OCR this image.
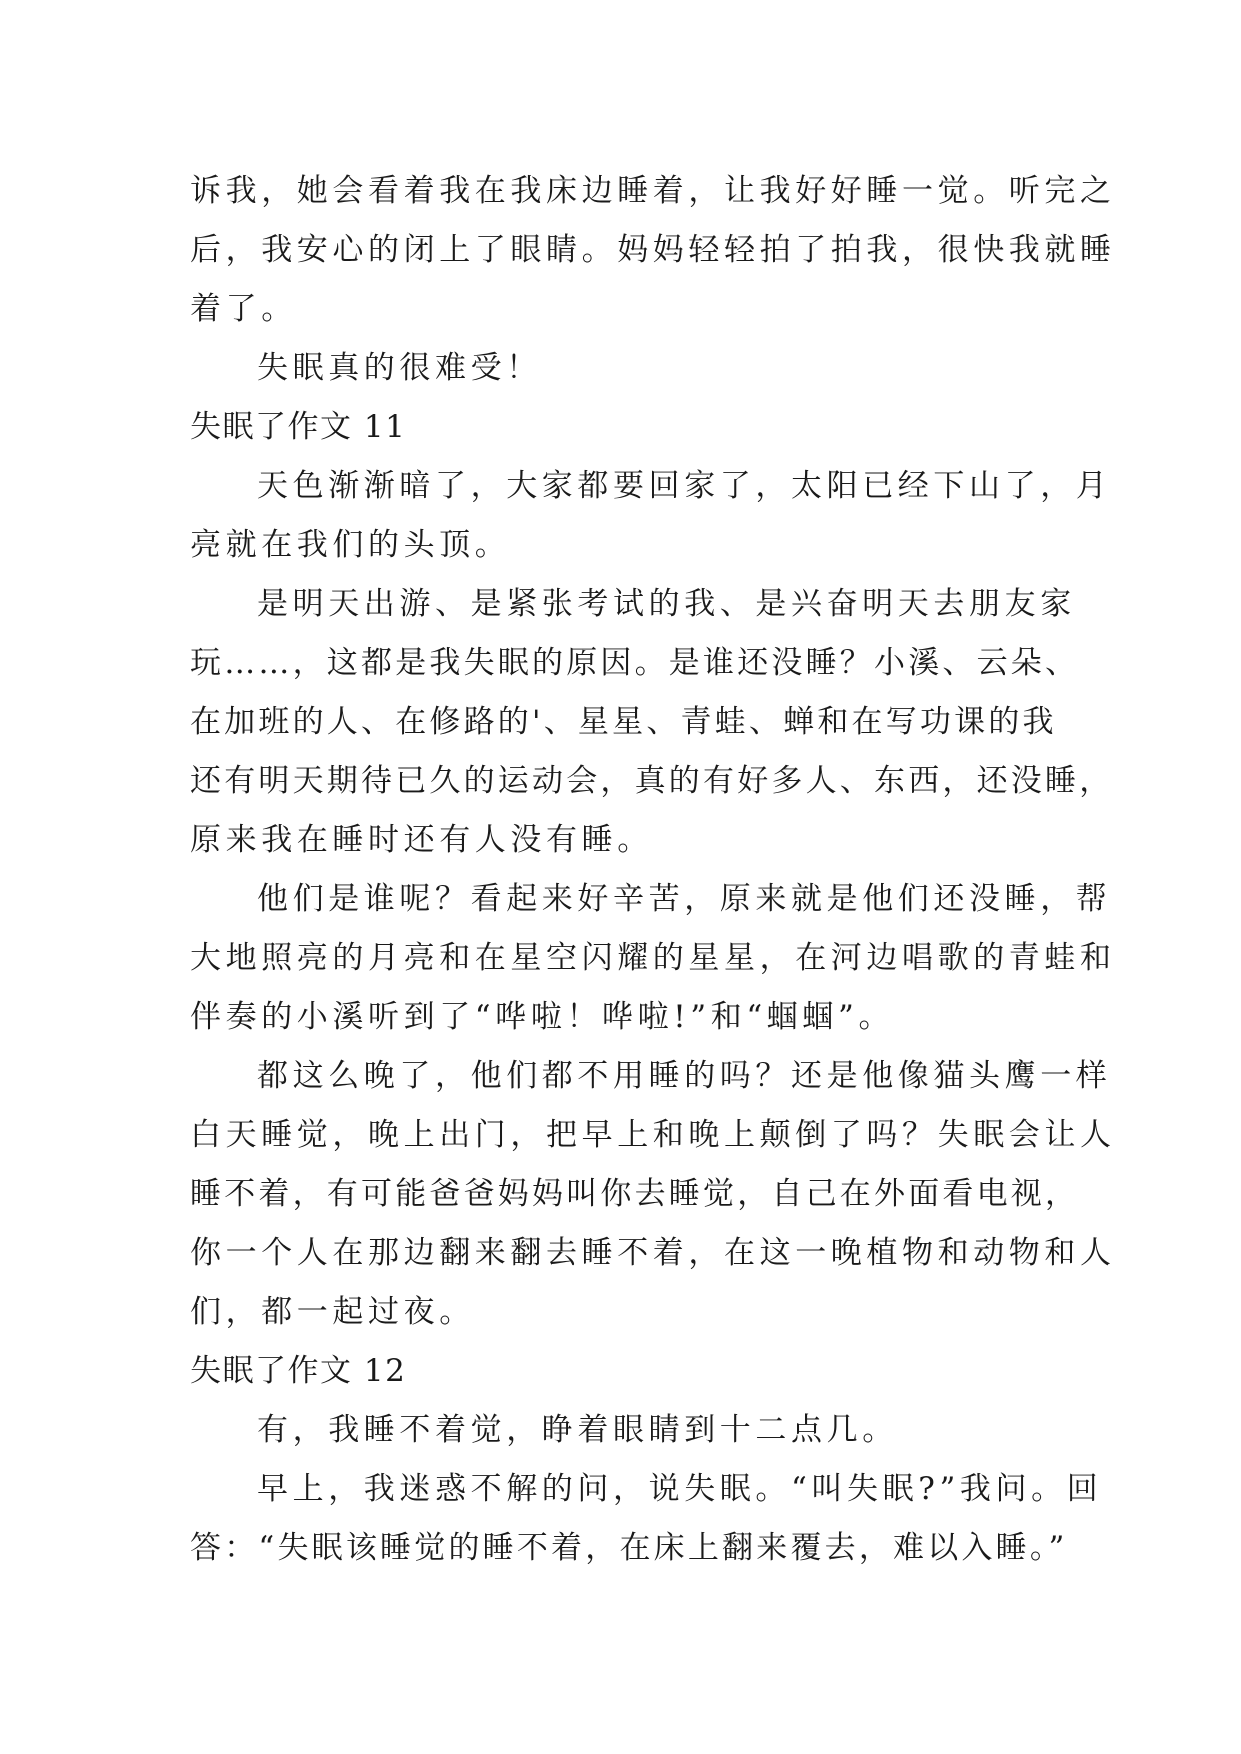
诉我，她会看着我在我床边睡着，让我好好睡一觉。听完之
后，我安心的闭上了眼睛。妈妈轻轻拍了拍我，很快我就睡
着了。
失眠真的很难受！
失眠了作文 11
天色渐渐暗了，大家都要回家了，太阳已经下山了，月
亮就在我们的头顶。
是明天出游、是紧张考试的我、是兴奋明天去朋友家
玩……，这都是我失眠的原因。是谁还没睡？小溪、云朵、
在加班的人、在修路的'、星星、青蛙、蝉和在写功课的我
还有明天期待已久的运动会，真的有好多人、东西，还没睡，
原来我在睡时还有人没有睡。
他们是谁呢？看起来好辛苦，原来就是他们还没睡，帮
大地照亮的月亮和在星空闪耀的星星，在河边唱歌的青蛙和
伴奏的小溪听到了“哗啦！哗啦!”和“蝈蝈”。
都这么晚了，他们都不用睡的吗？还是他像猫头鹰一样
白天睡觉，晚上出门，把早上和晚上颠倒了吗？失眠会让人
睡不着，有可能爸爸妈妈叫你去睡觉，自己在外面看电视，
你一个人在那边翻来翻去睡不着，在这一晚植物和动物和人
们，都一起过夜。
失眠了作文 12
有，我睡不着觉，睁着眼睛到十二点几。
早上，我迷惑不解的问，说失眠。“叫失眠?”我问。回
答：“失眠该睡觉的睡不着，在床上翻来覆去，难以入睡。”
